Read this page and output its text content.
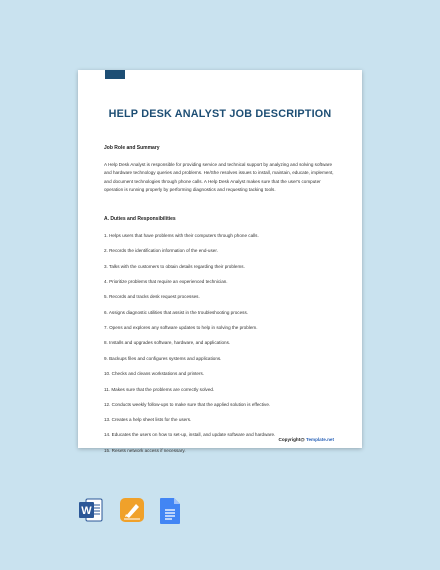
HELP DESK ANALYST JOB DESCRIPTION
Job Role and Summary
A Help Desk Analyst is responsible for providing service and technical support by analyzing and solving software and hardware technology queries and problems. He/She resolves issues to install, maintain, educate, implement, and document technologies through phone calls. A Help Desk Analyst makes sure that the user's computer operation is running properly by performing diagnostics and requesting tacking tools.
A. Duties and Responsibilities
1. Helps users that have problems with their computers through phone calls.
2. Records the identification information of the end-user.
3. Talks with the customers to obtain details regarding their problems.
4. Prioritize problems that require an experienced technician.
5. Records and tracks desk request processes.
6. Assigns diagnostic utilities that assist in the troubleshooting process.
7. Opens and explores any software updates to help in solving the problem.
8. Installs and upgrades software, hardware, and applications.
9. Backups files and configures systems and applications.
10. Checks and cleans workstations and printers.
11. Makes sure that the problems are correctly solved.
12. Conducts weekly follow-ups to make sure that the applied solution is effective.
13. Creates a help sheet lists for the users.
14. Educates the users on how to set-up, install, and update software and hardware.
15. Resets network access if necessary.
Copyright@ Template.net
W
